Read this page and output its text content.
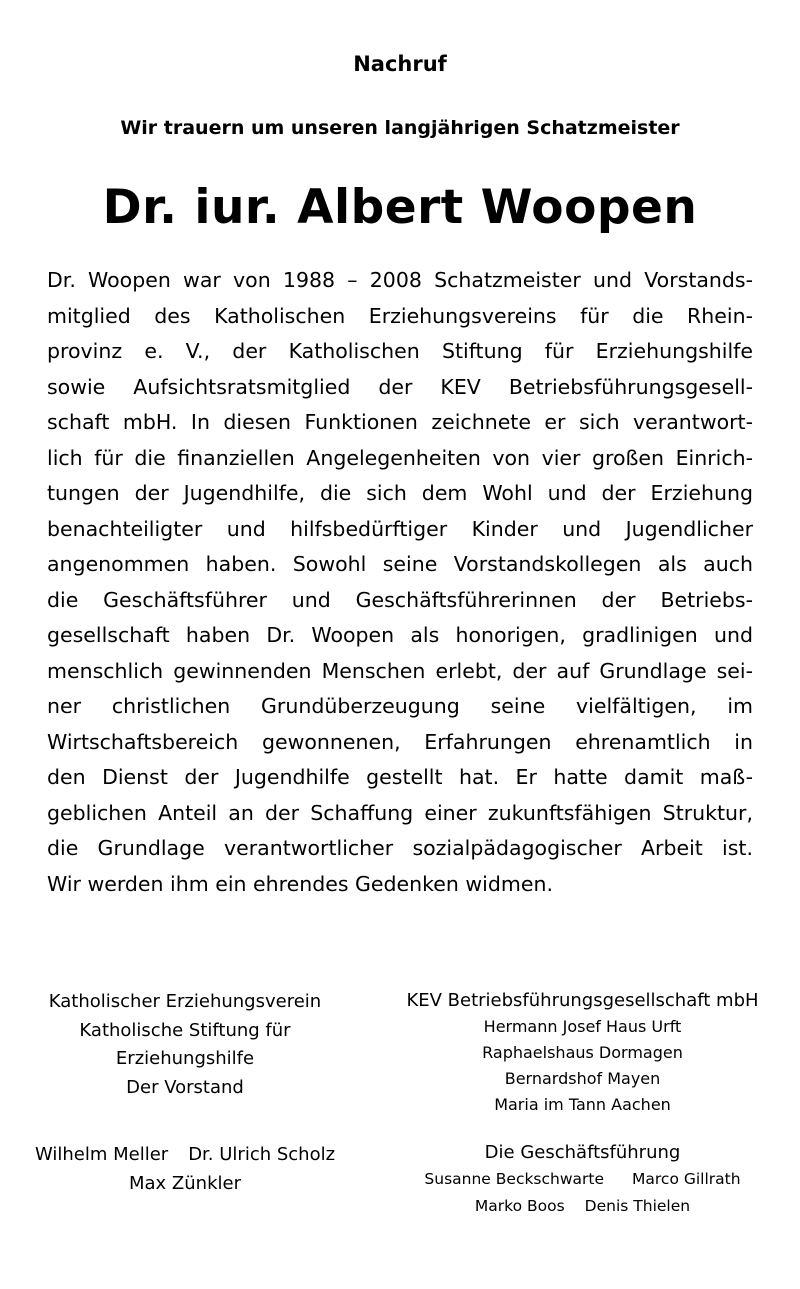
Nachruf
Wir trauern um unseren langjährigen Schatzmeister
Dr. iur. Albert Woopen
Dr. Woopen war von 1988 – 2008 Schatzmeister und Vorstands-
mitglied des Katholischen Erziehungsvereins für die Rhein-
provinz e. V., der Katholischen Stiftung für Erziehungshilfe
sowie Aufsichtsratsmitglied der KEV Betriebsführungsgesell-
schaft mbH. In diesen Funktionen zeichnete er sich verantwort-
lich für die finanziellen Angelegenheiten von vier großen Einrich-
tungen der Jugendhilfe, die sich dem Wohl und der Erziehung
benachteiligter und hilfsbedürftiger Kinder und Jugendlicher
angenommen haben. Sowohl seine Vorstandskollegen als auch
die Geschäftsführer und Geschäftsführerinnen der Betriebs-
gesellschaft haben Dr. Woopen als honorigen, gradlinigen und
menschlich gewinnenden Menschen erlebt, der auf Grundlage sei-
ner christlichen Grundüberzeugung seine vielfältigen, im
Wirtschaftsbereich gewonnenen, Erfahrungen ehrenamtlich in
den Dienst der Jugendhilfe gestellt hat. Er hatte damit maß-
geblichen Anteil an der Schaffung einer zukunftsfähigen Struktur,
die Grundlage verantwortlicher sozialpädagogischer Arbeit ist.
Wir werden ihm ein ehrendes Gedenken widmen.
Katholischer Erziehungsverein
Katholische Stiftung für
Erziehungshilfe
Der Vorstand
KEV Betriebsführungsgesellschaft mbH
Hermann Josef Haus Urft
Raphaelshaus Dormagen
Bernardshof Mayen
Maria im Tann Aachen
Wilhelm Meller Dr. Ulrich Scholz
Max Zünkler
Die Geschäftsführung
Susanne Beckschwarte Marco Gillrath
Marko Boos Denis Thielen
